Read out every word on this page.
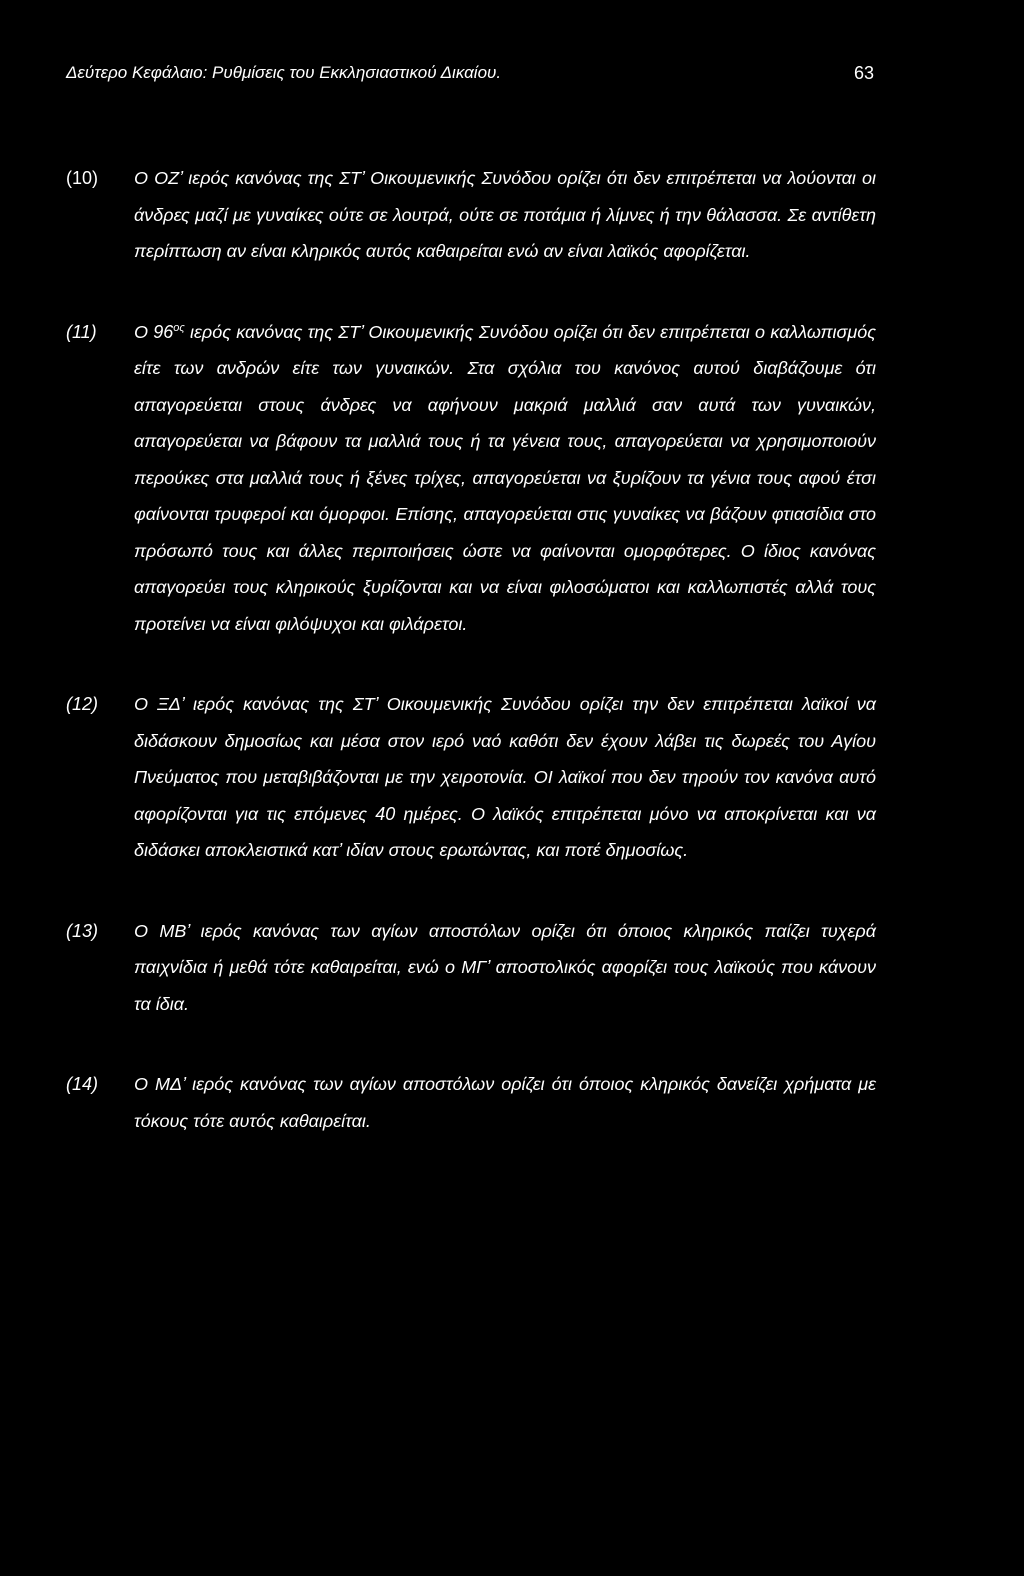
Δεύτερο Κεφάλαιο: Ρυθμίσεις του Εκκλησιαστικού Δικαίου.	63
(10)	Ο ΟΖ’ ιερός κανόνας της ΣΤ’ Οικουμενικής Συνόδου ορίζει ότι δεν επιτρέπεται να λούονται οι άνδρες μαζί με γυναίκες ούτε σε λουτρά, ούτε σε ποτάμια ή λίμνες ή την θάλασσα. Σε αντίθετη περίπτωση αν είναι κληρικός αυτός καθαιρείται ενώ αν είναι λαϊκός αφορίζεται.
(11)	Ο $96^{o\varsigma}$ ιερός κανόνας της ΣΤ’ Οικουμενικής Συνόδου ορίζει ότι δεν επιτρέπεται ο καλλωπισμός είτε των ανδρών είτε των γυναικών. Στα σχόλια του κανόνος αυτού διαβάζουμε ότι απαγορεύεται στους άνδρες να αφήνουν μακριά μαλλιά σαν αυτά των γυναικών, απαγορεύεται να βάφουν τα μαλλιά τους ή τα γένεια τους, απαγορεύεται να χρησιμοποιούν περούκες στα μαλλιά τους ή ξένες τρίχες, απαγορεύεται να ξυρίζουν τα γένια τους αφού έτσι φαίνονται τρυφεροί και όμορφοι. Επίσης, απαγορεύεται στις γυναίκες να βάζουν φτιασίδια στο πρόσωπό τους και άλλες περιποιήσεις ώστε να φαίνονται ομορφότερες. Ο ίδιος κανόνας απαγορεύει τους κληρικούς ξυρίζονται και να είναι φιλοσώματοι και καλλωπιστές αλλά τους προτείνει να είναι φιλόψυχοι και φιλάρετοι.
(12)	Ο ΞΔ’ ιερός κανόνας της ΣΤ’ Οικουμενικής Συνόδου ορίζει την δεν επιτρέπεται λαϊκοί να διδάσκουν δημοσίως και μέσα στον ιερό ναό καθότι δεν έχουν λάβει τις δωρεές του Αγίου Πνεύματος που μεταβιβάζονται με την χειροτονία. ΟΙ λαϊκοί που δεν τηρούν τον κανόνα αυτό αφορίζονται για τις επόμενες 40 ημέρες. Ο λαϊκός επιτρέπεται μόνο να αποκρίνεται και να διδάσκει αποκλειστικά κατ’ ιδίαν στους ερωτώντας, και ποτέ δημοσίως.
(13)	Ο ΜΒ’ ιερός κανόνας των αγίων αποστόλων ορίζει ότι όποιος κληρικός παίζει τυχερά παιχνίδια ή μεθά τότε καθαιρείται, ενώ ο ΜΓ’ αποστολικός αφορίζει τους λαϊκούς που κάνουν τα ίδια.
(14)	Ο ΜΔ’ ιερός κανόνας των αγίων αποστόλων ορίζει ότι όποιος κληρικός δανείζει χρήματα με τόκους τότε αυτός καθαιρείται.
